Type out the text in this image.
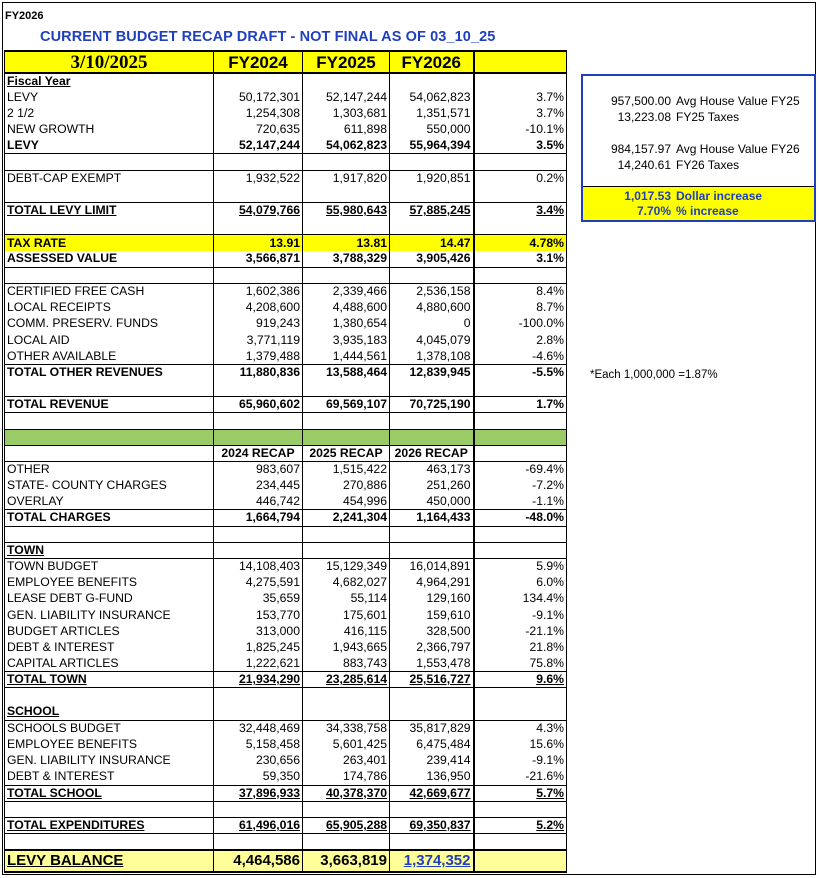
FY2026
CURRENT BUDGET RECAP DRAFT - NOT FINAL AS OF 03_10_25
3/10/2025	FY2024	FY2025	FY2026	
Fiscal Year				
LEVY	50,172,301	52,147,244	54,062,823	3.7%
2 1/2	1,254,308	1,303,681	1,351,571	3.7%
NEW GROWTH	720,635	611,898	550,000	-10.1%
LEVY	52,147,244	54,062,823	55,964,394	3.5%

DEBT-CAP EXEMPT	1,932,522	1,917,820	1,920,851	0.2%

TOTAL LEVY LIMIT	54,079,766	55,980,643	57,885,245	3.4%

TAX RATE	13.91	13.81	14.47	4.78%
ASSESSED VALUE	3,566,871	3,788,329	3,905,426	3.1%

CERTIFIED FREE CASH	1,602,386	2,339,466	2,536,158	8.4%
LOCAL RECEIPTS	4,208,600	4,488,600	4,880,600	8.7%
COMM. PRESERV. FUNDS	919,243	1,380,654	0	-100.0%
LOCAL AID	3,771,119	3,935,183	4,045,079	2.8%
OTHER AVAILABLE	1,379,488	1,444,561	1,378,108	-4.6%
TOTAL OTHER REVENUES	11,880,836	13,588,464	12,839,945	-5.5%

TOTAL REVENUE	65,960,602	69,569,107	70,725,190	1.7%

	2024 RECAP	2025 RECAP	2026 RECAP	
OTHER	983,607	1,515,422	463,173	-69.4%
STATE- COUNTY CHARGES	234,445	270,886	251,260	-7.2%
OVERLAY	446,742	454,996	450,000	-1.1%
TOTAL CHARGES	1,664,794	2,241,304	1,164,433	-48.0%

TOWN				
TOWN BUDGET	14,108,403	15,129,349	16,014,891	5.9%
EMPLOYEE BENEFITS	4,275,591	4,682,027	4,964,291	6.0%
LEASE DEBT G-FUND	35,659	55,114	129,160	134.4%
GEN. LIABILITY INSURANCE	153,770	175,601	159,610	-9.1%
BUDGET ARTICLES	313,000	416,115	328,500	-21.1%
DEBT & INTEREST	1,825,245	1,943,665	2,366,797	21.8%
CAPITAL ARTICLES	1,222,621	883,743	1,553,478	75.8%
TOTAL TOWN	21,934,290	23,285,614	25,516,727	9.6%

SCHOOL				
SCHOOLS BUDGET	32,448,469	34,338,758	35,817,829	4.3%
EMPLOYEE BENEFITS	5,158,458	5,601,425	6,475,484	15.6%
GEN. LIABILITY INSURANCE	230,656	263,401	239,414	-9.1%
DEBT & INTEREST	59,350	174,786	136,950	-21.6%
TOTAL SCHOOL	37,896,933	40,378,370	42,669,677	5.7%

TOTAL EXPENDITURES	61,496,016	65,905,288	69,350,837	5.2%

LEVY BALANCE	4,464,586	3,663,819	1,374,352	
957,500.00 Avg House Value FY25
13,223.08 FY25 Taxes
984,157.97 Avg House Value FY26
14,240.61 FY26 Taxes
1,017.53 Dollar increase
7.70% % increase
*Each 1,000,000 =1.87%
